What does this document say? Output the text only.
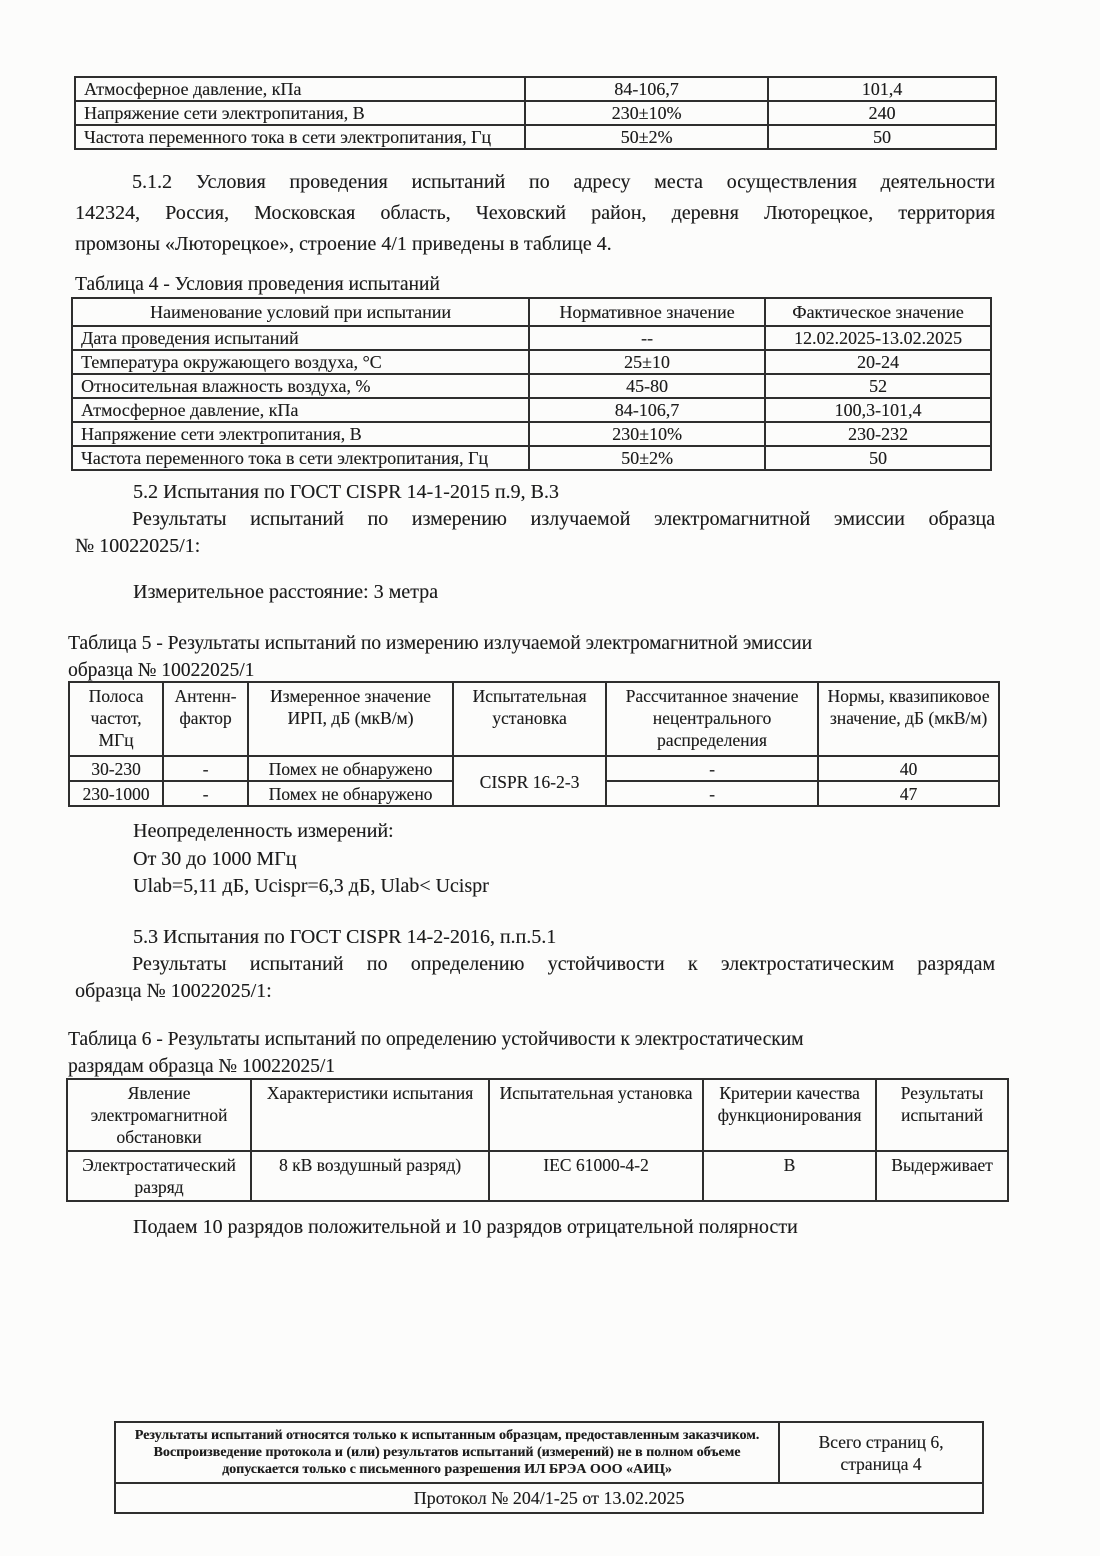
Атмосферное давление, кПа	84-106,7	101,4
Напряжение сети электропитания, В	230±10%	240
Частота переменного тока в сети электропитания, Гц	50±2%	50
5.1.2 Условия проведения испытаний по адресу места осуществления деятельности
142324, Россия, Московская область, Чеховский район, деревня Люторецкое, территория
промзоны «Люторецкое», строение 4/1 приведены в таблице 4.
Таблица 4 - Условия проведения испытаний
Наименование условий при испытании	Нормативное значение	Фактическое значение
Дата проведения испытаний	--	12.02.2025-13.02.2025
Температура окружающего воздуха, °С	25±10	20-24
Относительная влажность воздуха, %	45-80	52
Атмосферное давление, кПа	84-106,7	100,3-101,4
Напряжение сети электропитания, В	230±10%	230-232
Частота переменного тока в сети электропитания, Гц	50±2%	50
5.2 Испытания по ГОСТ CISPR 14-1-2015 п.9, В.3
Результаты испытаний по измерению излучаемой электромагнитной эмиссии образца
№ 10022025/1:
Измерительное расстояние: 3 метра
Таблица 5 - Результаты испытаний по измерению излучаемой электромагнитной эмиссии
образца № 10022025/1
Полоса частот, МГц	Антенн-фактор	Измеренное значение ИРП, дБ (мкВ/м)	Испытательная установка	Рассчитанное значение нецентрального распределения	Нормы, квазипиковое значение, дБ (мкВ/м)
30-230	-	Помех не обнаружено	CISPR 16-2-3	-	40
230-1000	-	Помех не обнаружено		-	47
Неопределенность измерений:
От 30 до 1000 МГц
Ulab=5,11 дБ, Ucispr=6,3 дБ, Ulab< Ucispr
5.3 Испытания по ГОСТ CISPR 14-2-2016, п.п.5.1
Результаты испытаний по определению устойчивости к электростатическим разрядам
образца № 10022025/1:
Таблица 6 - Результаты испытаний по определению устойчивости к электростатическим
разрядам образца № 10022025/1
Явление электромагнитной обстановки	Характеристики испытания	Испытательная установка	Критерии качества функционирования	Результаты испытаний
Электростатический разряд	8 кВ воздушный разряд)	IEC 61000-4-2	В	Выдерживает
Подаем 10 разрядов положительной и 10 разрядов отрицательной полярности
Результаты испытаний относятся только к испытанным образцам, предоставленным заказчиком.
Воспроизведение протокола и (или) результатов испытаний (измерений) не в полном объеме
допускается только с письменного разрешения ИЛ БРЭА ООО «АИЦ»

Всего страниц 6,
страница 4

Протокол № 204/1-25 от 13.02.2025
